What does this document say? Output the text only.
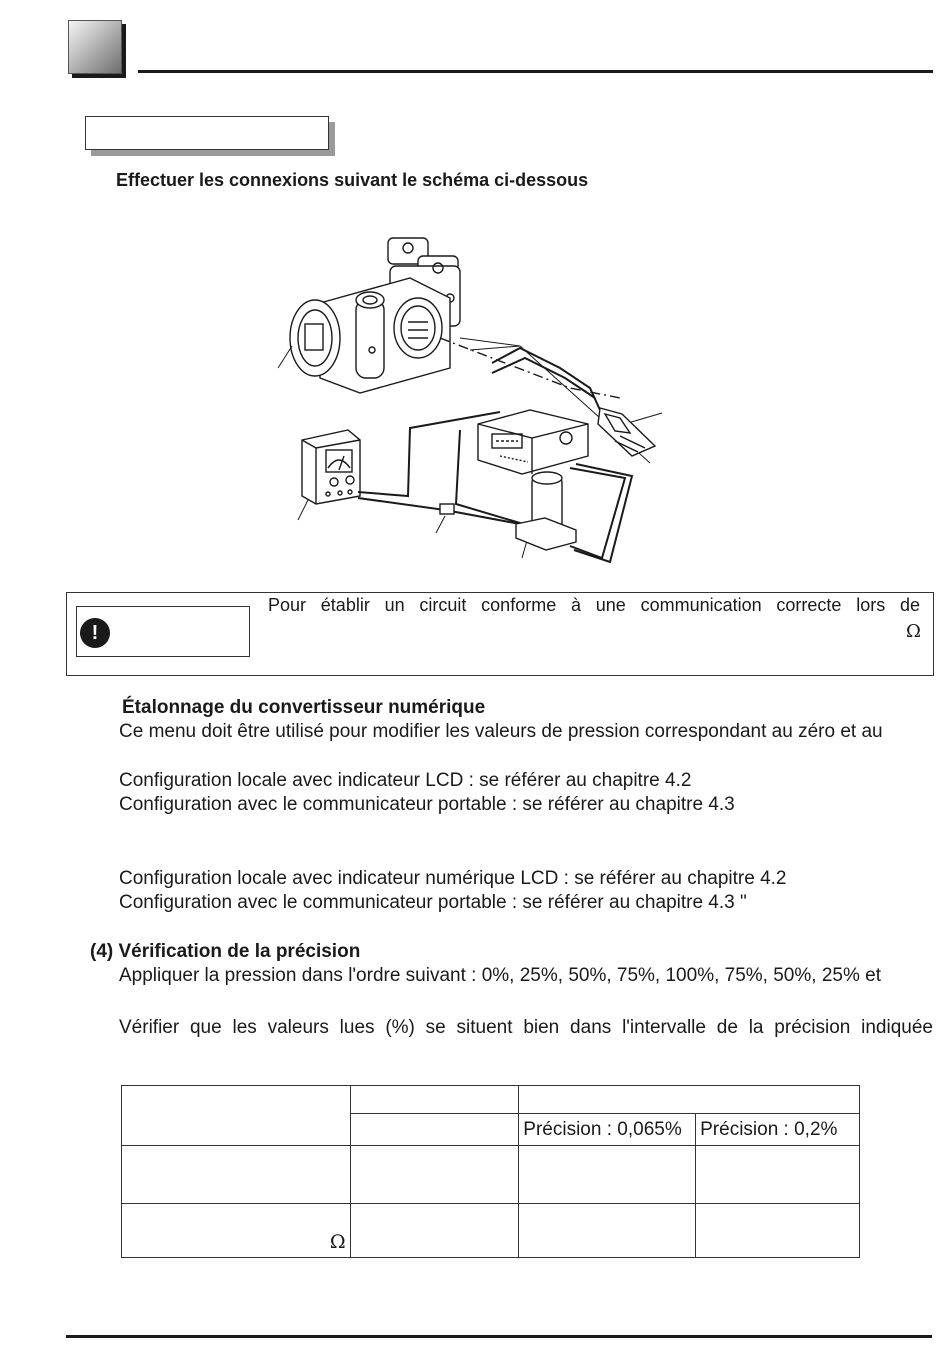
Effectuer les connexions suivant le schéma ci-dessous
!
Pour établir un circuit conforme à une communication correcte lors de
Ω
Étalonnage du convertisseur numérique
Ce menu doit être utilisé pour modifier les valeurs de pression correspondant au zéro et au
Configuration locale avec indicateur LCD : se référer au chapitre 4.2
Configuration avec le communicateur portable : se référer au chapitre 4.3
Configuration locale avec indicateur numérique LCD : se référer au chapitre 4.2
Configuration avec le communicateur portable : se référer au chapitre 4.3 "
(4) Vérification de la précision
Appliquer la pression dans l'ordre suivant : 0%, 25%, 50%, 75%, 100%, 75%, 50%, 25% et
Vérifier que les valeurs lues (%) se situent bien dans l'intervalle de la précision indiquée

		Précision : 0,065%	Précision : 0,2%

Ω			
